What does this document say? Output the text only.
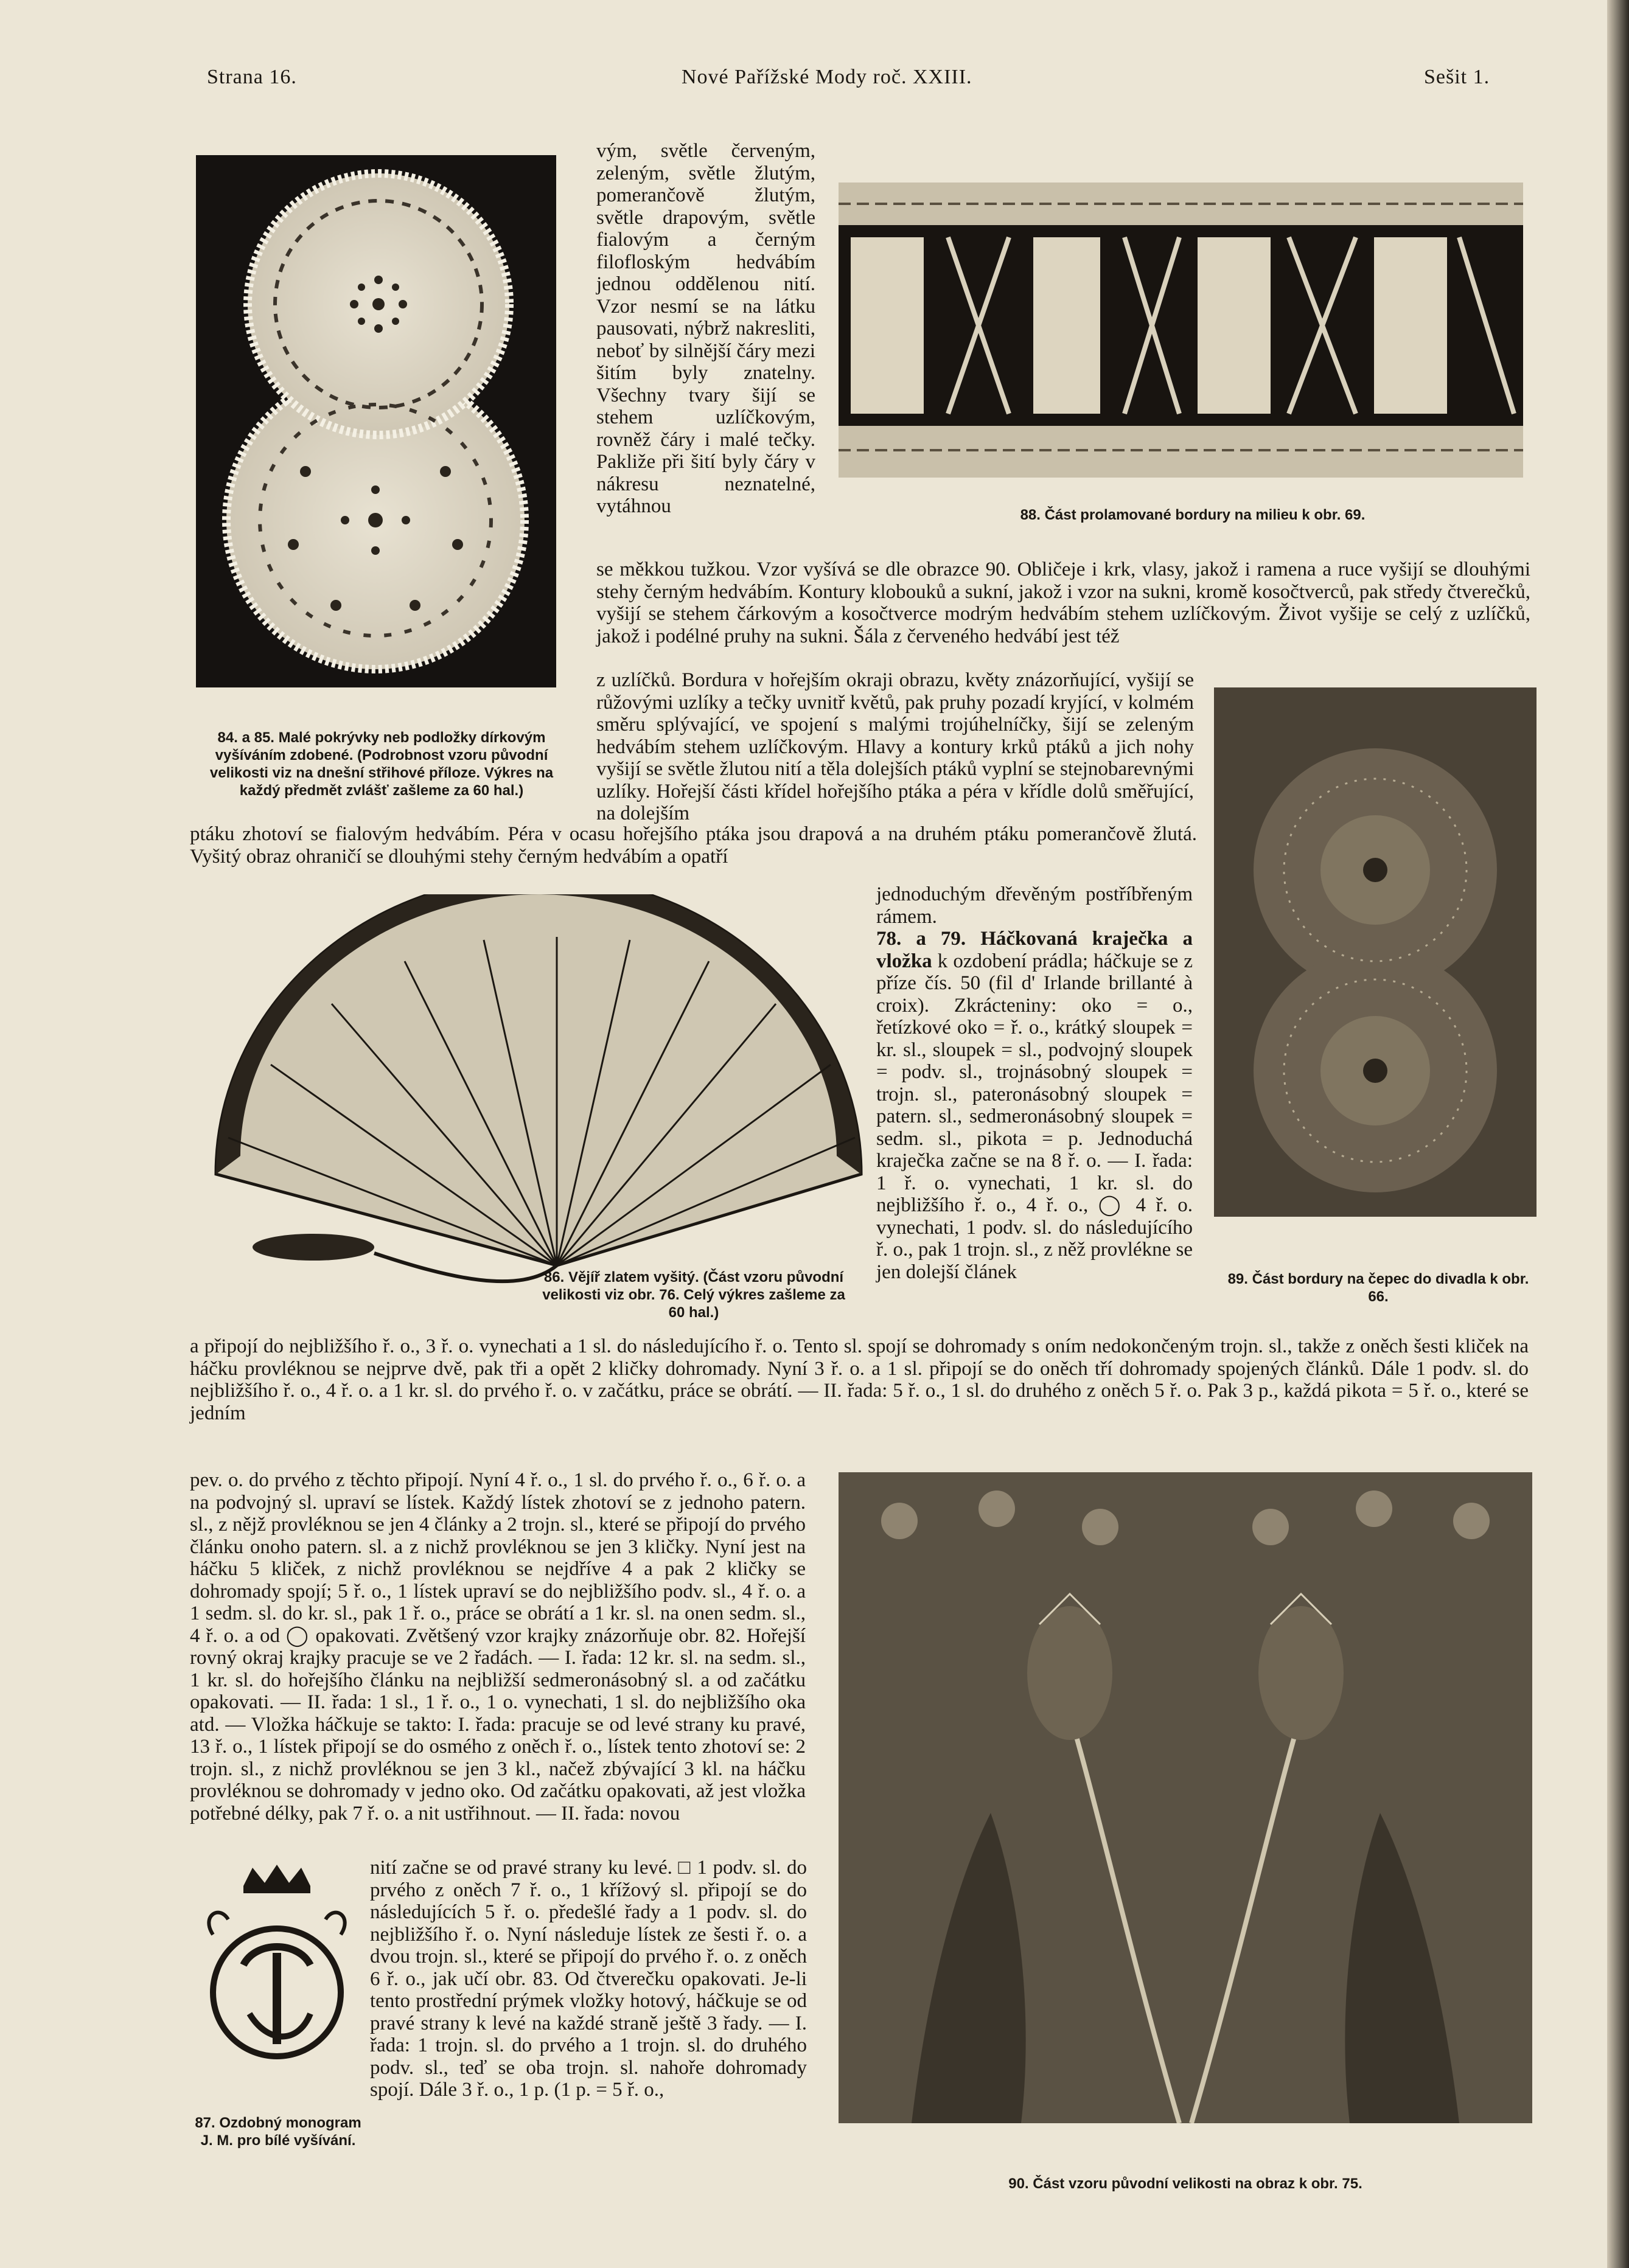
Strana 16.	Nové Pařížské Mody roč. XXIII.	Sešit 1.
84. a 85. Malé pokrývky neb podložky dírkovým vyšíváním zdobené. (Podrobnost vzoru původní velikosti viz na dnešní střihové příloze. Výkres na každý předmět zvlášť zašleme za 60 hal.)
vým, světle červeným, zeleným, světle žlutým, pomerančově žlutým, světle drapovým, světle fialovým a černým filofloským hedvábím jednou oddělenou nití. Vzor nesmí se na látku pausovati, nýbrž nakresliti, neboť by silnější čáry mezi šitím byly znatelny. Všechny tvary šijí se stehem uzlíčkovým, rovněž čáry i malé tečky. Pakliže při šití byly čáry v nákresu neznatelné, vytáhnou	88. Část prolamované bordury na milieu k obr. 69.
se měkkou tužkou. Vzor vyšívá se dle obrazce 90. Obličeje i krk, vlasy, jakož i ramena a ruce vyšijí se dlouhými stehy černým hedvábím. Kontury klobouků a sukní, jakož i vzor na sukni, kromě kosočtverců, pak středy čtverečků, vyšijí se stehem čárkovým a kosočtverce modrým hedvábím stehem uzlíčkovým. Život vyšije se celý z uzlíčků, jakož i podélné pruhy na sukni. Šála z červeného hedvábí jest též
z uzlíčků. Bordura v hořejším okraji obrazu, květy znázorňující, vyšijí se růžovými uzlíky a tečky uvnitř květů, pak pruhy pozadí kryjící, v kolmém směru splývající, ve spojení s malými trojúhelníčky, šijí se zeleným hedvábím stehem uzlíčkovým. Hlavy a kontury krků ptáků a jich nohy vyšijí se světle žlutou nití a těla dolejších ptáků vyplní se stejnobarevnými uzlíky. Hořejší části křídel hořejšího ptáka a péra v křídle dolů směřující, na dolejším
89. Část bordury na čepec do divadla k obr. 66.
ptáku zhotoví se fialovým hedvábím. Péra v ocasu hořejšího ptáka jsou drapová a na druhém ptáku pomerančově žlutá. Vyšitý obraz ohraničí se dlouhými stehy černým hedvábím a opatří
86. Vějíř zlatem vyšitý. (Část vzoru původní velikosti viz obr. 76. Celý výkres zašleme za 60 hal.)
jednoduchým dřevěným postříbřeným rámem.
78. a 79. Háčkovaná kraječka a vložka k ozdobení prádla; háčkuje se z příze čís. 50 (fil d' Irlande brillanté à croix). Zkrácteniny: oko = o., řetízkové oko = ř. o., krátký sloupek = kr. sl., sloupek = sl., podvojný sloupek = podv. sl., trojnásobný sloupek = trojn. sl., pateronásobný sloupek = patern. sl., sedmeronásobný sloupek = sedm. sl., pikota = p. Jednoduchá kraječka začne se na 8 ř. o. — I. řada: 1 ř. o. vynechati, 1 kr. sl. do nejbližšího ř. o., 4 ř. o., ◯ 4 ř. o. vynechati, 1 podv. sl. do následujícího ř. o., pak 1 trojn. sl., z něž provlékne se jen dolejší článek
a připojí do nejbližšího ř. o., 3 ř. o. vynechati a 1 sl. do následujícího ř. o. Tento sl. spojí se dohromady s oním nedokončeným trojn. sl., takže z oněch šesti kliček na háčku provléknou se nejprve dvě, pak tři a opět 2 kličky dohromady. Nyní 3 ř. o. a 1 sl. připojí se do oněch tří dohromady spojených článků. Dále 1 podv. sl. do nejbližšího ř. o., 4 ř. o. a 1 kr. sl. do prvého ř. o. v začátku, práce se obrátí. — II. řada: 5 ř. o., 1 sl. do druhého z oněch 5 ř. o. Pak 3 p., každá pikota = 5 ř. o., které se jedním
pev. o. do prvého z těchto připojí. Nyní 4 ř. o., 1 sl. do prvého ř. o., 6 ř. o. a na podvojný sl. upraví se lístek. Každý lístek zhotoví se z jednoho patern. sl., z nějž provléknou se jen 4 články a 2 trojn. sl., které se připojí do prvého článku onoho patern. sl. a z nichž provléknou se jen 3 kličky. Nyní jest na háčku 5 kliček, z nichž provléknou se nejdříve 4 a pak 2 kličky se dohromady spojí; 5 ř. o., 1 lístek upraví se do nejbližšího podv. sl., 4 ř. o. a 1 sedm. sl. do kr. sl., pak 1 ř. o., práce se obrátí a 1 kr. sl. na onen sedm. sl., 4 ř. o. a od ◯ opakovati. Zvětšený vzor krajky znázorňuje obr. 82. Hořejší rovný okraj krajky pracuje se ve 2 řadách. — I. řada: 12 kr. sl. na sedm. sl., 1 kr. sl. do hořejšího článku na nejbližší sedmeronásobný sl. a od začátku opakovati. — II. řada: 1 sl., 1 ř. o., 1 o. vynechati, 1 sl. do nejbližšího oka atd. — Vložka háčkuje se takto: I. řada: pracuje se od levé strany ku pravé, 13 ř. o., 1 lístek připojí se do osmého z oněch ř. o., lístek tento zhotoví se: 2 trojn. sl., z nichž provléknou se jen 3 kl., načež zbývající 3 kl. na háčku provléknou se dohromady v jedno oko. Od začátku opakovati, až jest vložka potřebné délky, pak 7 ř. o. a nit ustřihnout. — II. řada: novou
87. Ozdobný monogram J. M. pro bílé vyšívání.
nití začne se od pravé strany ku levé. □ 1 podv. sl. do prvého z oněch 7 ř. o., 1 křížový sl. připojí se do následujících 5 ř. o. předešlé řady a 1 podv. sl. do nejbližšího ř. o. Nyní následuje lístek ze šesti ř. o. a dvou trojn. sl., které se připojí do prvého ř. o. z oněch 6 ř. o., jak učí obr. 83. Od čtverečku opakovati. Je-li tento prostřední prýmek vložky hotový, háčkuje se od pravé strany k levé na každé straně ještě 3 řady. — I. řada: 1 trojn. sl. do prvého a 1 trojn. sl. do druhého podv. sl., teď se oba trojn. sl. nahoře dohromady spojí. Dále 3 ř. o., 1 p. (1 p. = 5 ř. o.,
90. Část vzoru původní velikosti na obraz k obr. 75.
